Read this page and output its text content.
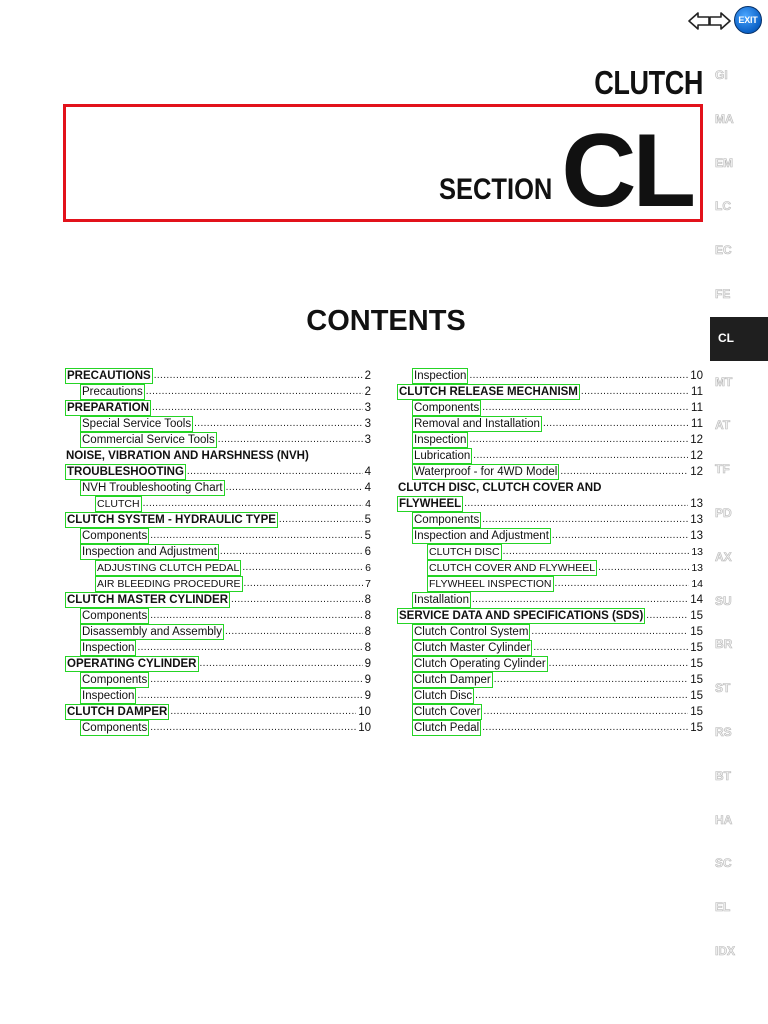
EXIT
CLUTCH
SECTION CL
CONTENTS
GI
MA
EM
LC
EC
FE
CL
MT
AT
TF
PD
AX
SU
BR
ST
RS
BT
HA
SC
EL
IDX
PRECAUTIONS .....	2
Precautions .....	2
PREPARATION .....	3
Special Service Tools .....	3
Commercial Service Tools .....	3
NOISE, VIBRATION AND HARSHNESS (NVH)
TROUBLESHOOTING .....	4
NVH Troubleshooting Chart .....	4
CLUTCH .....	4
CLUTCH SYSTEM - HYDRAULIC TYPE .....	5
Components .....	5
Inspection and Adjustment .....	6
ADJUSTING CLUTCH PEDAL .....	6
AIR BLEEDING PROCEDURE .....	7
CLUTCH MASTER CYLINDER .....	8
Components .....	8
Disassembly and Assembly .....	8
Inspection .....	8
OPERATING CYLINDER .....	9
Components .....	9
Inspection .....	9
CLUTCH DAMPER .....	10
Components .....	10
Inspection .....	10
CLUTCH RELEASE MECHANISM .....	11
Components .....	11
Removal and Installation .....	11
Inspection .....	12
Lubrication .....	12
Waterproof - for 4WD Model .....	12
CLUTCH DISC, CLUTCH COVER AND
FLYWHEEL .....	13
Components .....	13
Inspection and Adjustment .....	13
CLUTCH DISC .....	13
CLUTCH COVER AND FLYWHEEL .....	13
FLYWHEEL INSPECTION .....	14
Installation .....	14
SERVICE DATA AND SPECIFICATIONS (SDS) .....	15
Clutch Control System .....	15
Clutch Master Cylinder .....	15
Clutch Operating Cylinder .....	15
Clutch Damper .....	15
Clutch Disc .....	15
Clutch Cover .....	15
Clutch Pedal .....	15
